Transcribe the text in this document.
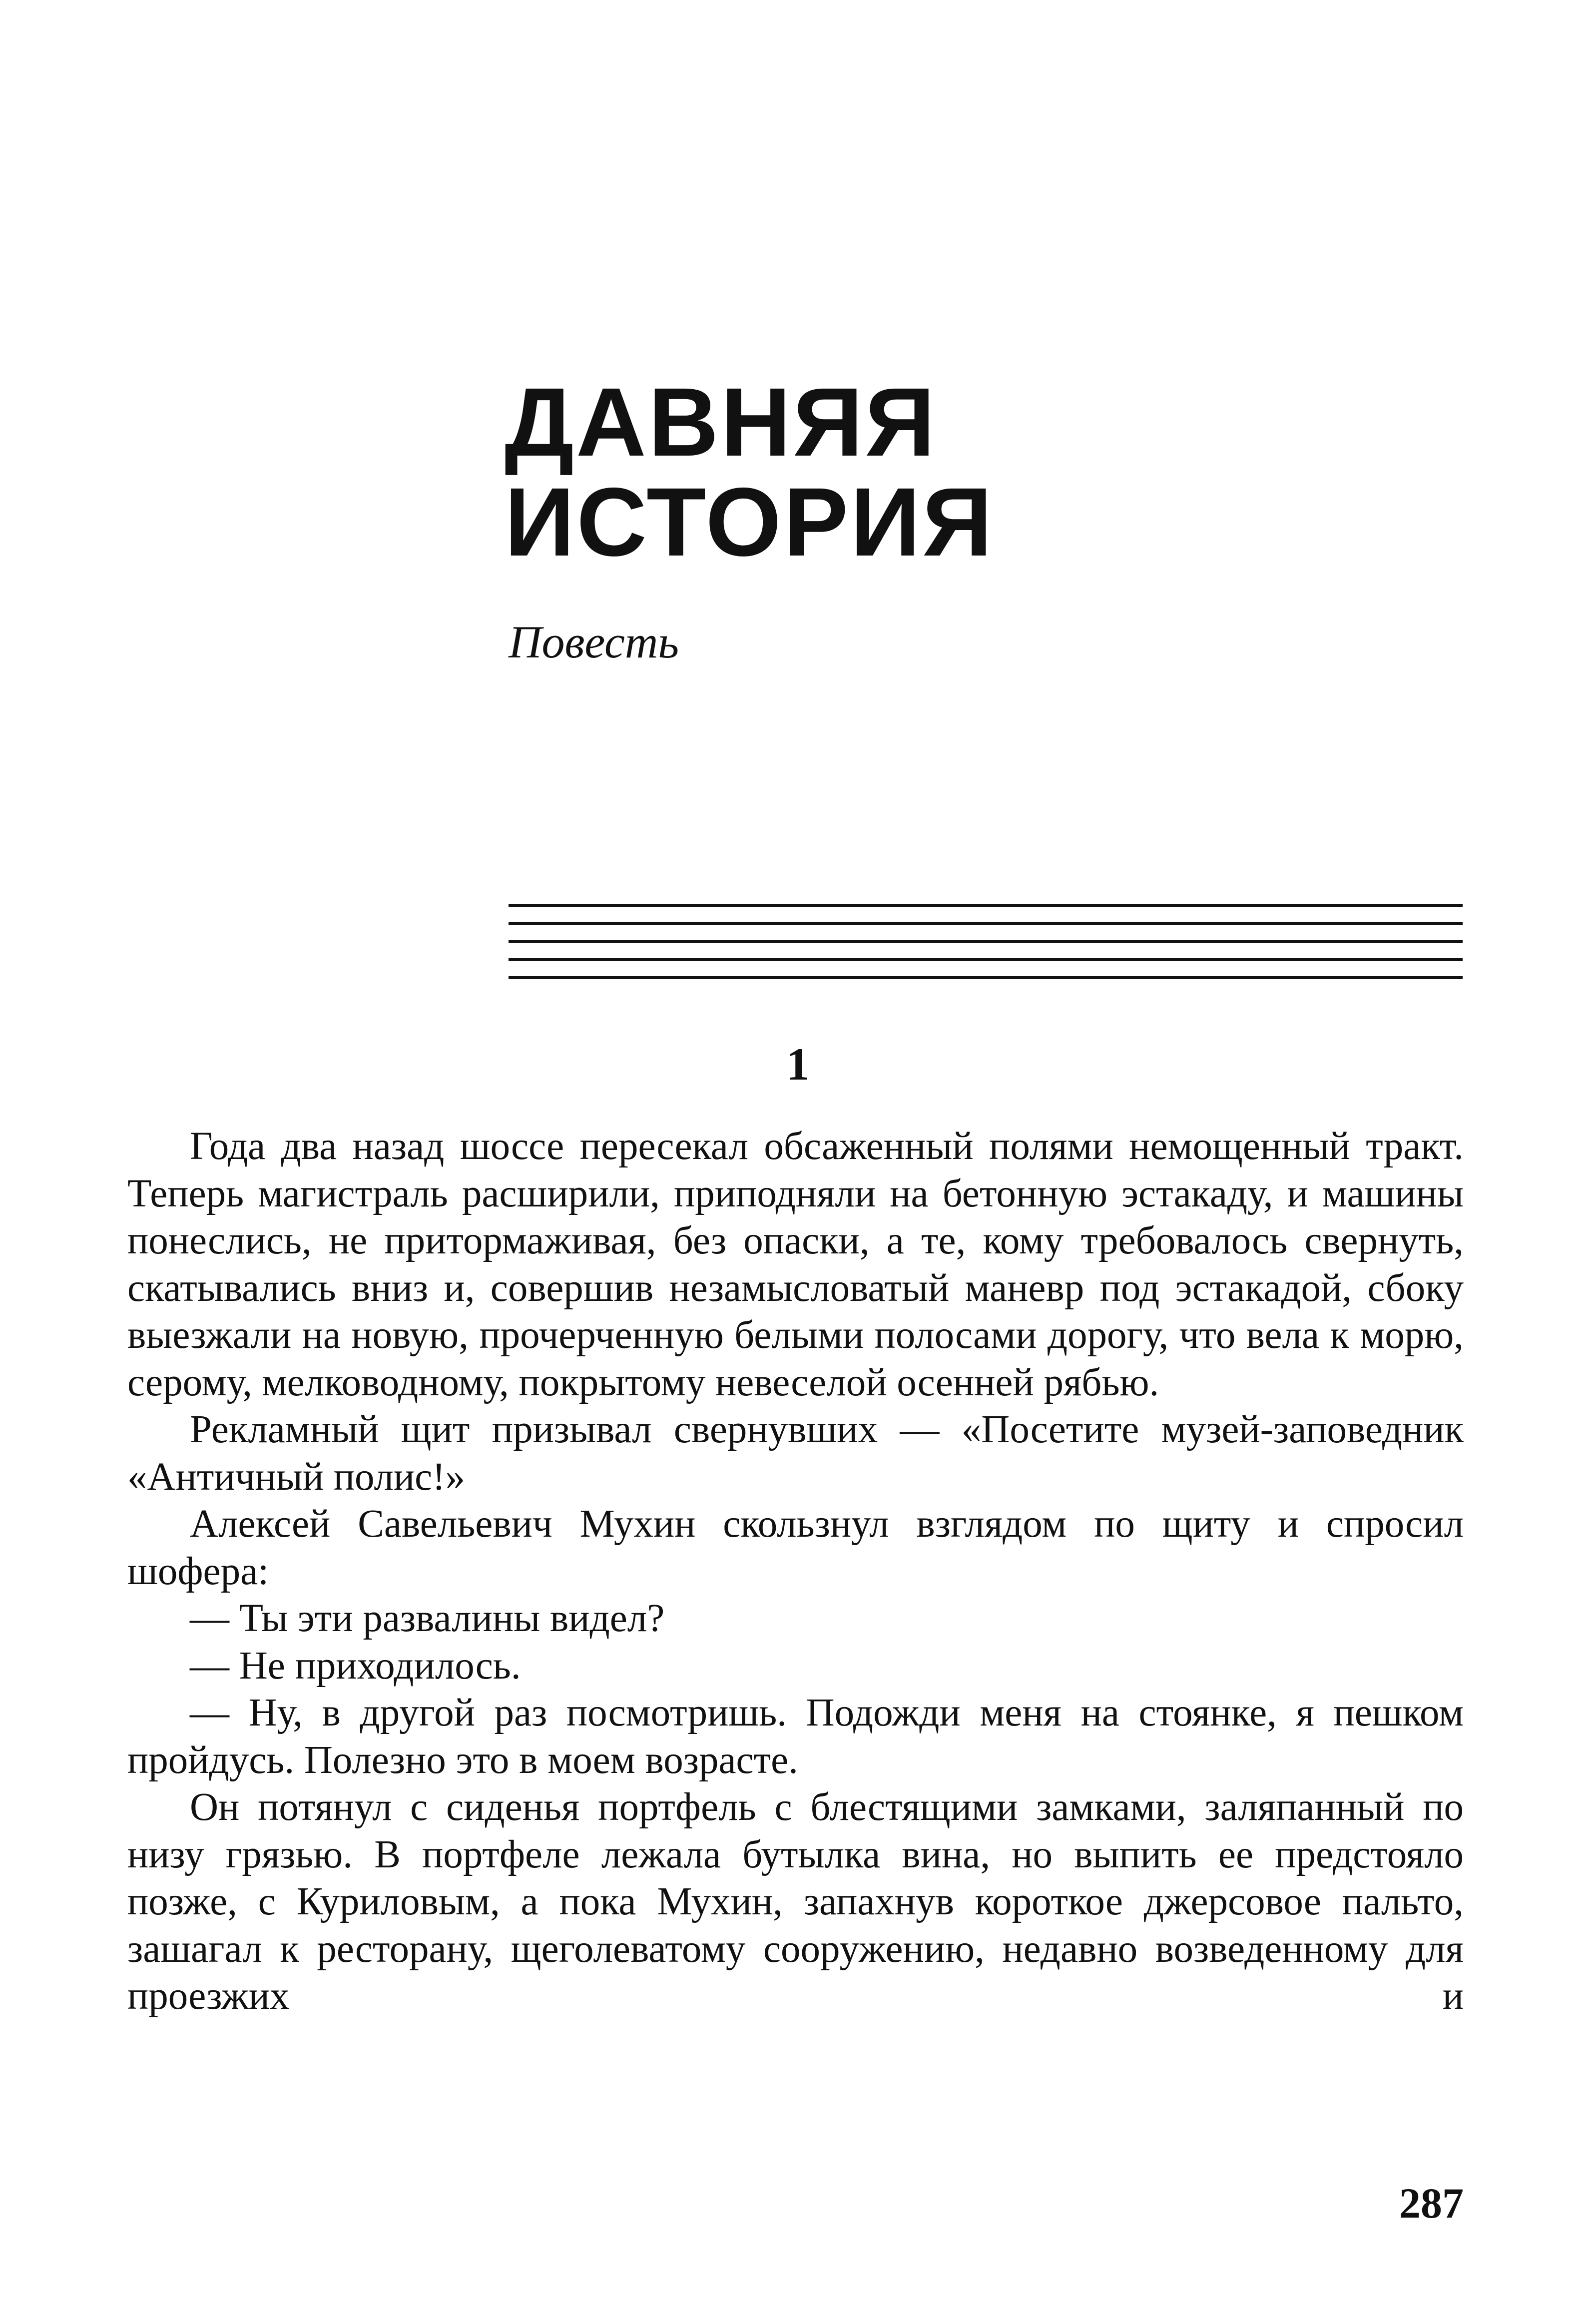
ДАВНЯЯ
ИСТОРИЯ
Повесть
1

Года два назад шоссе пересекал обсаженный полями немощенный тракт. Теперь магистраль расширили, приподняли на бетонную эстакаду, и машины понеслись, не притормаживая, без опаски, а те, кому требовалось свернуть, скатывались вниз и, совершив незамысловатый маневр под эстакадой, сбоку выезжали на новую, прочерченную белыми полосами дорогу, что вела к морю, серому, мелководному, покрытому невеселой осенней рябью.

Рекламный щит призывал свернувших — «Посетите музей-заповедник «Античный полис!»

Алексей Савельевич Мухин скользнул взглядом по щиту и спросил шофера:

— Ты эти развалины видел?

— Не приходилось.

— Ну, в другой раз посмотришь. Подожди меня на стоянке, я пешком пройдусь. Полезно это в моем возрасте.

Он потянул с сиденья портфель с блестящими замками, заляпанный по низу грязью. В портфеле лежала бутылка вина, но выпить ее предстояло позже, с Куриловым, а пока Мухин, запахнув короткое джерсовое пальто, зашагал к ресторану, щеголеватому сооружению, недавно возведенному для проезжих и

287
